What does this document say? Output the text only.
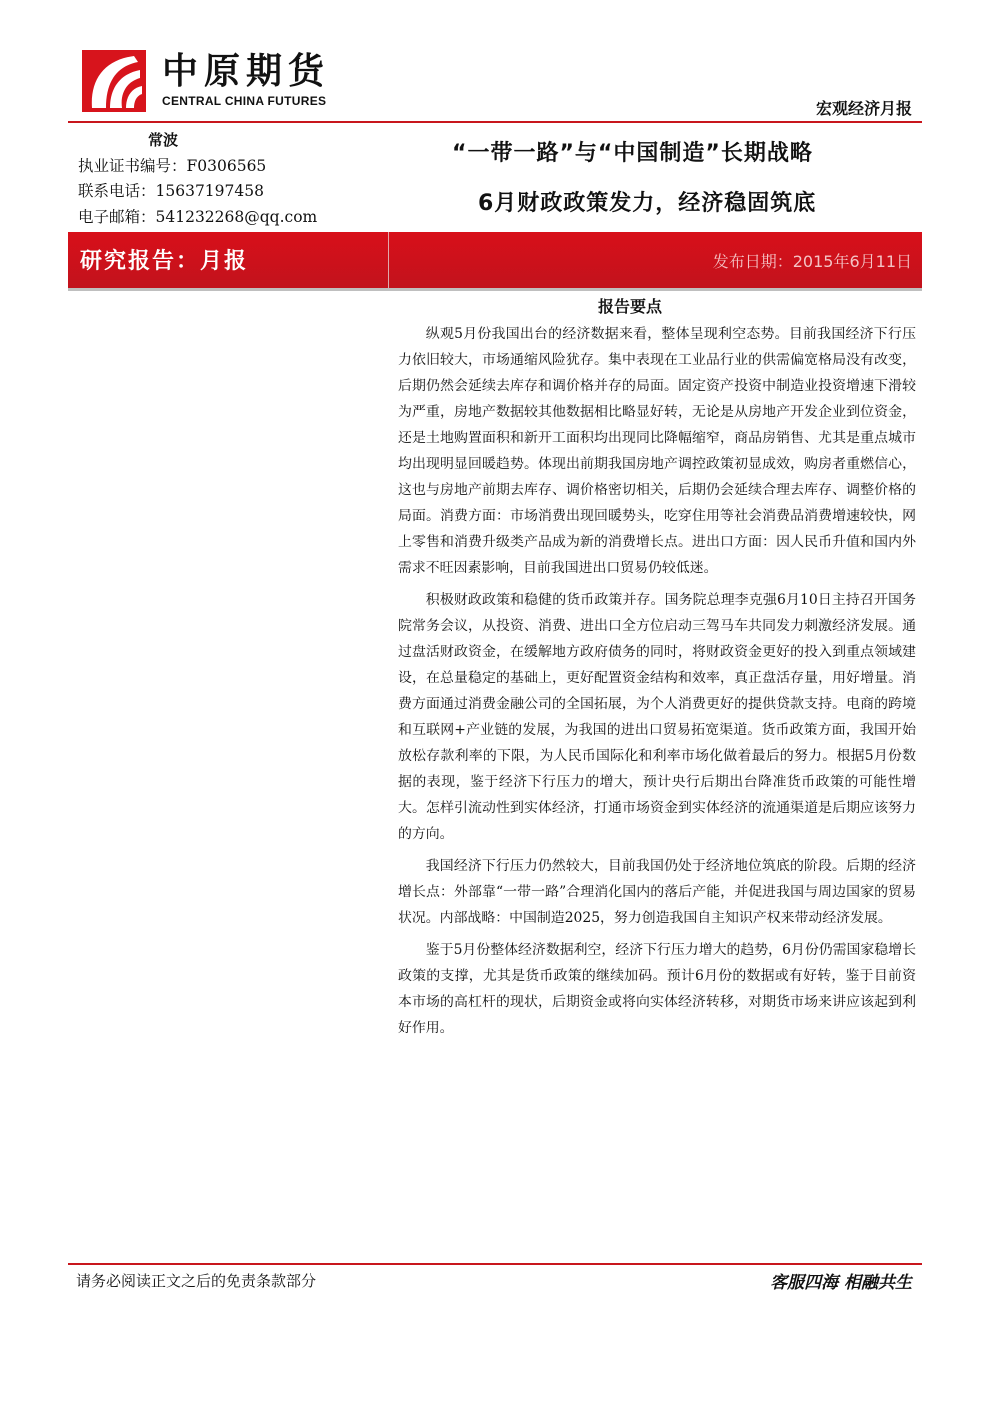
中原期货
CENTRAL CHINA FUTURES	宏观经济月报
常波
执业证书编号：F0306565
联系电话：15637197458
电子邮箱：541232268@qq.com
“一带一路”与“中国制造”长期战略
6月财政政策发力，经济稳固筑底
研究报告：月报	发布日期：2015年6月11日
报告要点

纵观5月份我国出台的经济数据来看，整体呈现利空态势。目前我国经济下行压力依旧较大，市场通缩风险犹存。集中表现在工业品行业的供需偏宽格局没有改变，后期仍然会延续去库存和调价格并存的局面。固定资产投资中制造业投资增速下滑较为严重，房地产数据较其他数据相比略显好转，无论是从房地产开发企业到位资金，还是土地购置面积和新开工面积均出现同比降幅缩窄，商品房销售、尤其是重点城市均出现明显回暖趋势。体现出前期我国房地产调控政策初显成效，购房者重燃信心，这也与房地产前期去库存、调价格密切相关，后期仍会延续合理去库存、调整价格的局面。消费方面：市场消费出现回暖势头，吃穿住用等社会消费品消费增速较快，网上零售和消费升级类产品成为新的消费增长点。进出口方面：因人民币升值和国内外需求不旺因素影响，目前我国进出口贸易仍较低迷。

积极财政政策和稳健的货币政策并存。国务院总理李克强6月10日主持召开国务院常务会议，从投资、消费、进出口全方位启动三驾马车共同发力刺激经济发展。通过盘活财政资金，在缓解地方政府债务的同时，将财政资金更好的投入到重点领域建设，在总量稳定的基础上，更好配置资金结构和效率，真正盘活存量，用好增量。消费方面通过消费金融公司的全国拓展，为个人消费更好的提供贷款支持。电商的跨境和互联网+产业链的发展，为我国的进出口贸易拓宽渠道。货币政策方面，我国开始放松存款利率的下限，为人民币国际化和利率市场化做着最后的努力。根据5月份数据的表现，鉴于经济下行压力的增大，预计央行后期出台降准货币政策的可能性增大。怎样引流动性到实体经济，打通市场资金到实体经济的流通渠道是后期应该努力的方向。

我国经济下行压力仍然较大，目前我国仍处于经济地位筑底的阶段。后期的经济增长点：外部靠“一带一路”合理消化国内的落后产能，并促进我国与周边国家的贸易状况。内部战略：中国制造2025，努力创造我国自主知识产权来带动经济发展。

鉴于5月份整体经济数据利空，经济下行压力增大的趋势，6月份仍需国家稳增长政策的支撑，尤其是货币政策的继续加码。预计6月份的数据或有好转，鉴于目前资本市场的高杠杆的现状，后期资金或将向实体经济转移，对期货市场来讲应该起到利好作用。

请务必阅读正文之后的免责条款部分	客服四海 相融共生
